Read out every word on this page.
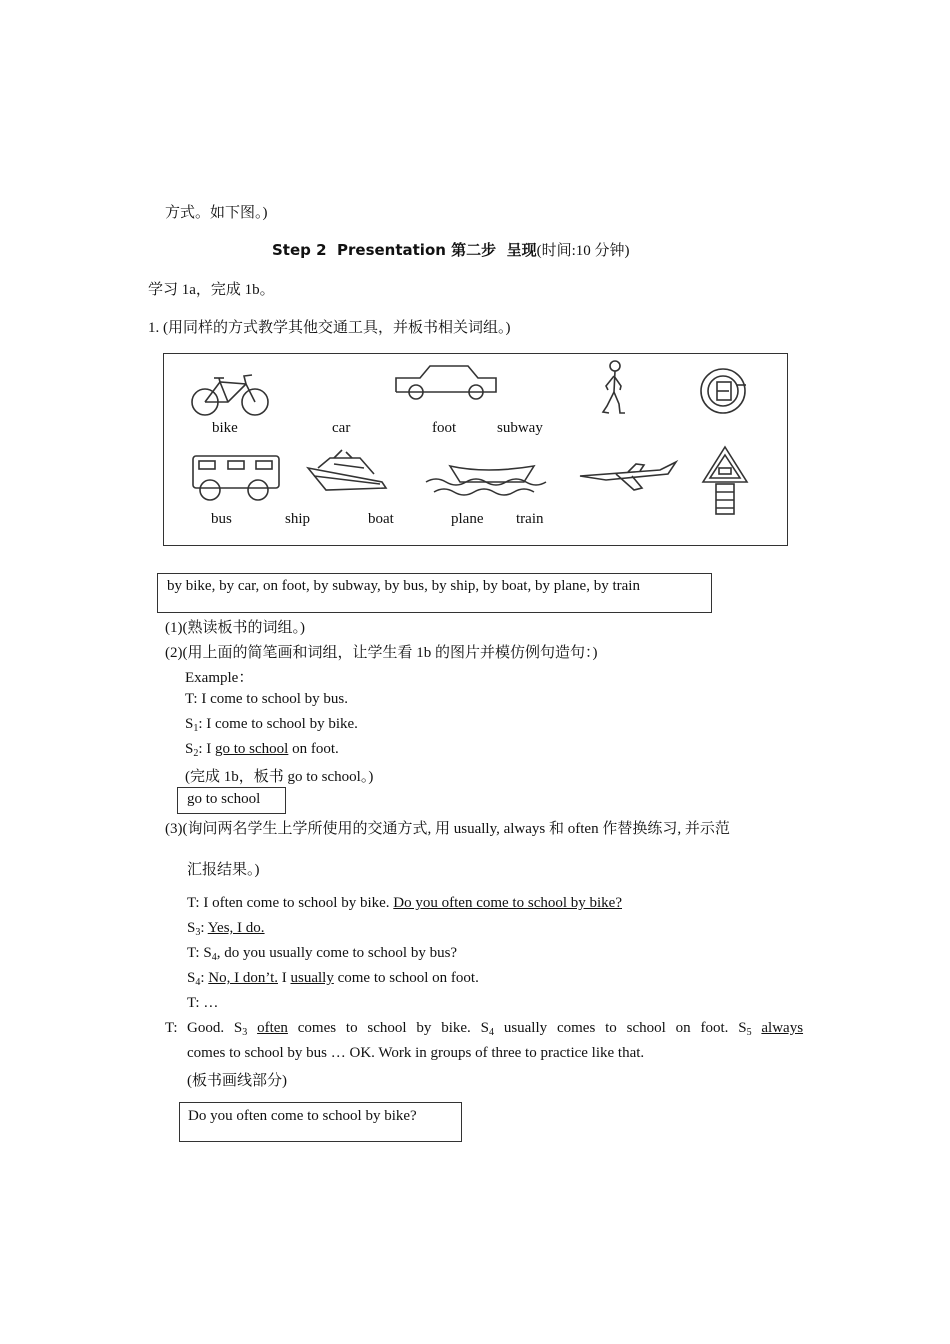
方式。如下图。)
Step 2 Presentation 第二步 呈现(时间:10 分钟)
学习 1a，完成 1b。
1. (用同样的方式教学其他交通工具，并板书相关词组。)
bike	car	foot	subway
bus	ship	boat	plane train
by bike, by car, on foot, by subway, by bus, by ship, by boat, by plane, by train
(1)(熟读板书的词组。)
(2)(用上面的简笔画和词组，让学生看 1b 的图片并模仿例句造句：)
Example：
T: I come to school by bus.
$S_1$: I come to school by bike.
$S_2$: I go to school on foot.
(完成 1b，板书 go to school。)
go to school
(3)(询问两名学生上学所使用的交通方式, 用 usually, always 和 often 作替换练习, 并示范
汇报结果。)
T: I often come to school by bike. Do you often come to school by bike?
$S_3$: Yes, I do.
T: $S_4$, do you usually come to school by bus?
$S_4$: No, I don’t. I usually come to school on foot.
T: …
T: Good. $S_3$ often comes to school by bike. $S_4$ usually comes to school on foot. $S_5$ always
comes to school by bus … OK. Work in groups of three to practice like that.
(板书画线部分)
Do you often come to school by bike?
